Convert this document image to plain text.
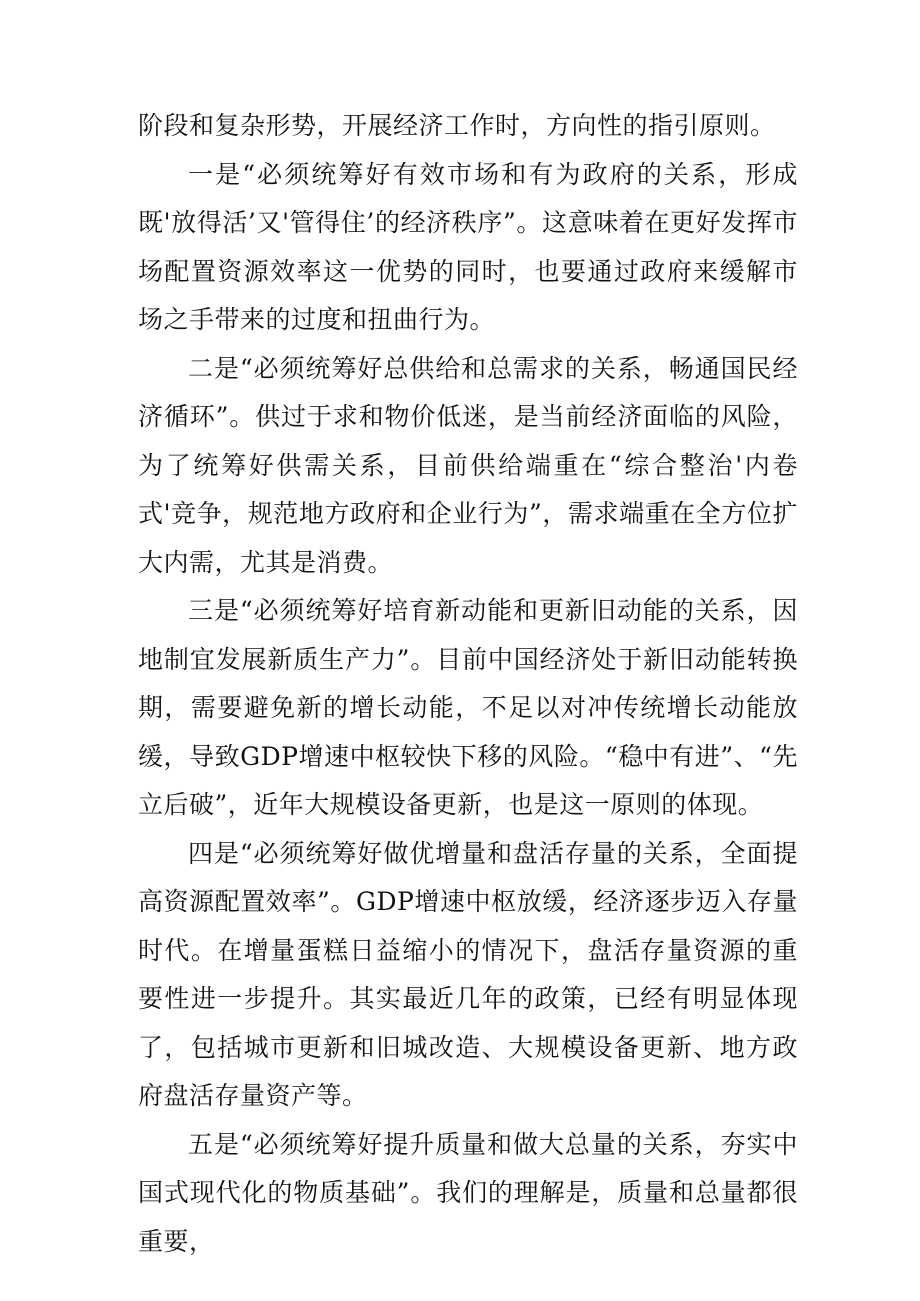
阶段和复杂形势，开展经济工作时，方向性的指引原则。

一是“必须统筹好有效市场和有为政府的关系，形成既'放得活’又'管得住’的经济秩序”。这意味着在更好发挥市场配置资源效率这一优势的同时，也要通过政府来缓解市场之手带来的过度和扭曲行为。

二是“必须统筹好总供给和总需求的关系，畅通国民经济循环”。供过于求和物价低迷，是当前经济面临的风险，为了统筹好供需关系，目前供给端重在“综合整治'内卷式'竞争，规范地方政府和企业行为”，需求端重在全方位扩大内需，尤其是消费。

三是“必须统筹好培育新动能和更新旧动能的关系，因地制宜发展新质生产力”。目前中国经济处于新旧动能转换期，需要避免新的增长动能，不足以对冲传统增长动能放缓，导致GDP增速中枢较快下移的风险。“稳中有进”、“先立后破”，近年大规模设备更新，也是这一原则的体现。

四是“必须统筹好做优增量和盘活存量的关系，全面提高资源配置效率”。GDP增速中枢放缓，经济逐步迈入存量时代。在增量蛋糕日益缩小的情况下，盘活存量资源的重要性进一步提升。其实最近几年的政策，已经有明显体现了，包括城市更新和旧城改造、大规模设备更新、地方政府盘活存量资产等。

五是“必须统筹好提升质量和做大总量的关系，夯实中国式现代化的物质基础”。我们的理解是，质量和总量都很重要，
